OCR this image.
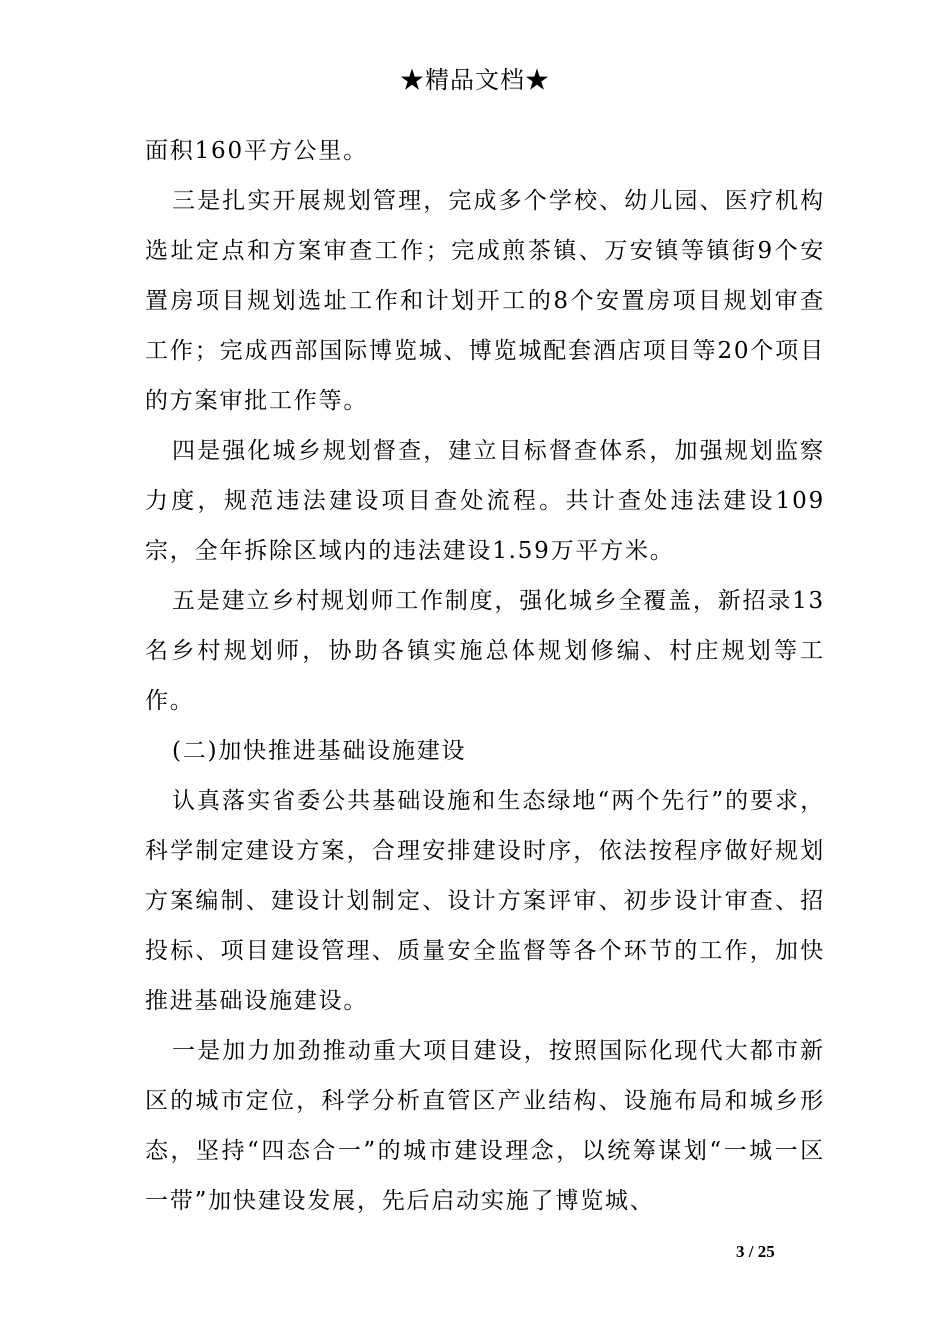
★精品文档★

面积160平方公里。

三是扎实开展规划管理，完成多个学校、幼儿园、医疗机构选址定点和方案审查工作；完成煎茶镇、万安镇等镇街9个安置房项目规划选址工作和计划开工的8个安置房项目规划审查工作；完成西部国际博览城、博览城配套酒店项目等20个项目的方案审批工作等。

四是强化城乡规划督查，建立目标督查体系，加强规划监察力度，规范违法建设项目查处流程。共计查处违法建设109宗，全年拆除区域内的违法建设1.59万平方米。

五是建立乡村规划师工作制度，强化城乡全覆盖，新招录13名乡村规划师，协助各镇实施总体规划修编、村庄规划等工作。

(二)加快推进基础设施建设

认真落实省委公共基础设施和生态绿地“两个先行”的要求，科学制定建设方案，合理安排建设时序，依法按程序做好规划方案编制、建设计划制定、设计方案评审、初步设计审查、招投标、项目建设管理、质量安全监督等各个环节的工作，加快推进基础设施建设。

一是加力加劲推动重大项目建设，按照国际化现代大都市新区的城市定位，科学分析直管区产业结构、设施布局和城乡形态，坚持“四态合一”的城市建设理念，以统筹谋划“一城一区一带”加快建设发展，先后启动实施了博览城、

3 / 25
